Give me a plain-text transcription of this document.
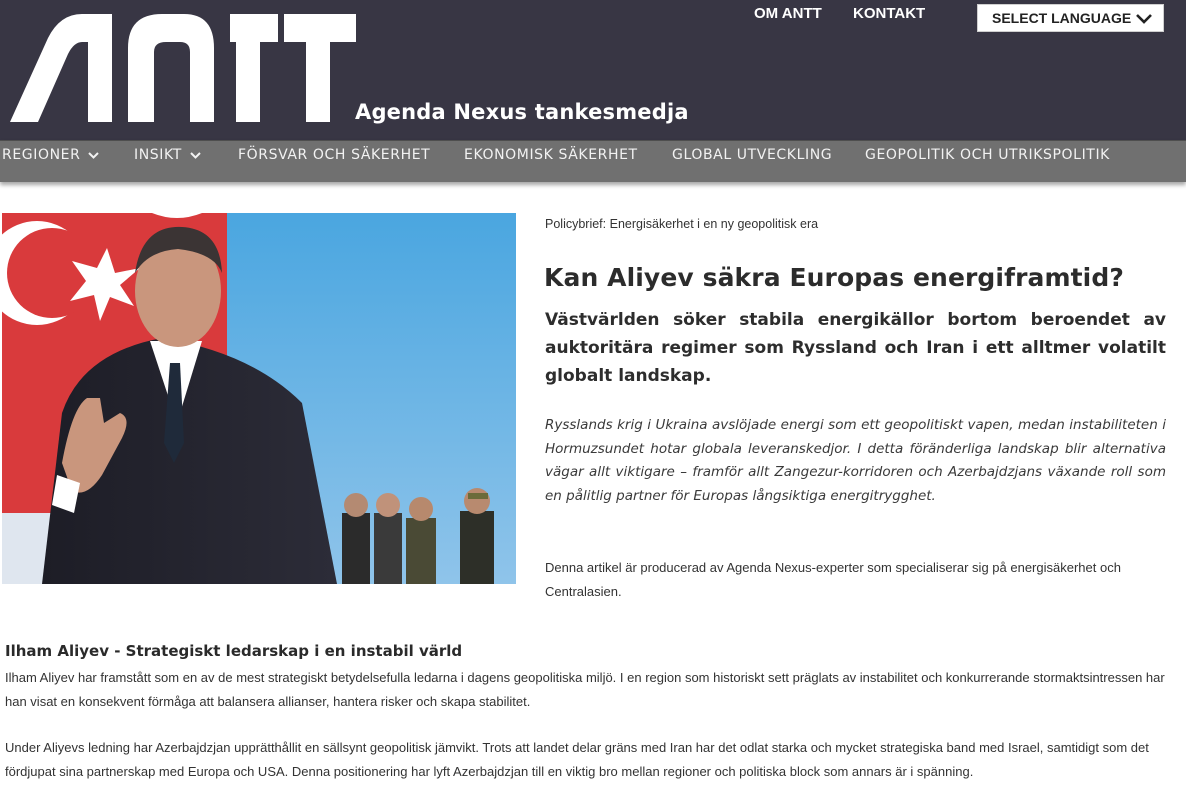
Agenda Nexus tankesmedja
OM ANTT KONTAKT	SELECT LANGUAGE
REGIONER	INSIKT	FÖRSVAR OCH SÄKERHET EKONOMISK SÄKERHET GLOBAL UTVECKLING GEOPOLITIK OCH UTRIKSPOLITIK
Policybrief: Energisäkerhet i en ny geopolitisk era
Kan Aliyev säkra Europas energiframtid?

Västvärlden söker stabila energikällor bortom beroendet av auktoritära regimer som Ryssland och Iran i ett alltmer volatilt globalt landskap.

Rysslands krig i Ukraina avslöjade energi som ett geopolitiskt vapen, medan instabiliteten i Hormuzsundet hotar globala leveranskedjor. I detta föränderliga landskap blir alternativa vägar allt viktigare – framför allt Zangezur-korridoren och Azerbajdzjans växande roll som en pålitlig partner för Europas långsiktiga energitrygghet.

Denna artikel är producerad av Agenda Nexus-experter som specialiserar sig på energisäkerhet och Centralasien.

Ilham Aliyev - Strategiskt ledarskap i en instabil värld

Ilham Aliyev har framstått som en av de mest strategiskt betydelsefulla ledarna i dagens geopolitiska miljö. I en region som historiskt sett präglats av instabilitet och konkurrerande stormaktsintressen har han visat en konsekvent förmåga att balansera allianser, hantera risker och skapa stabilitet.

Under Aliyevs ledning har Azerbajdzjan upprätthållit en sällsynt geopolitisk jämvikt. Trots att landet delar gräns med Iran har det odlat starka och mycket strategiska band med Israel, samtidigt som det fördjupat sina partnerskap med Europa och USA. Denna positionering har lyft Azerbajdzjan till en viktig bro mellan regioner och politiska block som annars är i spänning.
